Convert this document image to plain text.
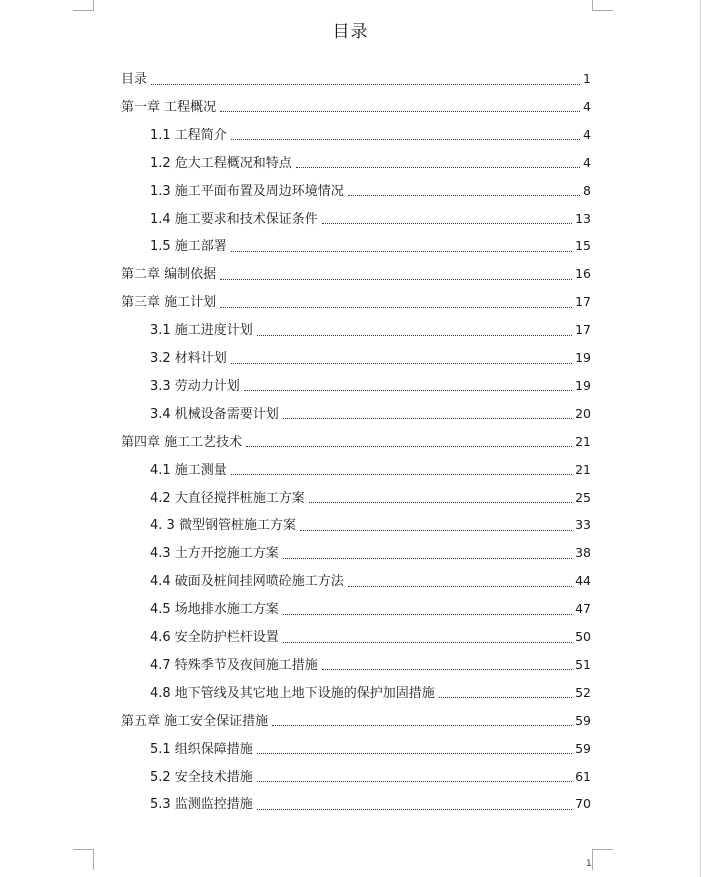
目录
目录	1
第一章 工程概况	4
1.1 工程简介	4
1.2 危大工程概况和特点	4
1.3 施工平面布置及周边环境情况	8
1.4 施工要求和技术保证条件	13
1.5 施工部署	15
第二章 编制依据	16
第三章 施工计划	17
3.1 施工进度计划	17
3.2 材料计划	19
3.3 劳动力计划	19
3.4 机械设备需要计划	20
第四章 施工工艺技术	21
4.1 施工测量	21
4.2 大直径搅拌桩施工方案	25
4. 3 微型钢管桩施工方案	33
4.3 土方开挖施工方案	38
4.4 破面及桩间挂网喷砼施工方法	44
4.5 场地排水施工方案	47
4.6 安全防护栏杆设置	50
4.7 特殊季节及夜间施工措施	51
4.8 地下管线及其它地上地下设施的保护加固措施	52
第五章 施工安全保证措施	59
5.1 组织保障措施	59
5.2 安全技术措施	61
5.3 监测监控措施	70
1
